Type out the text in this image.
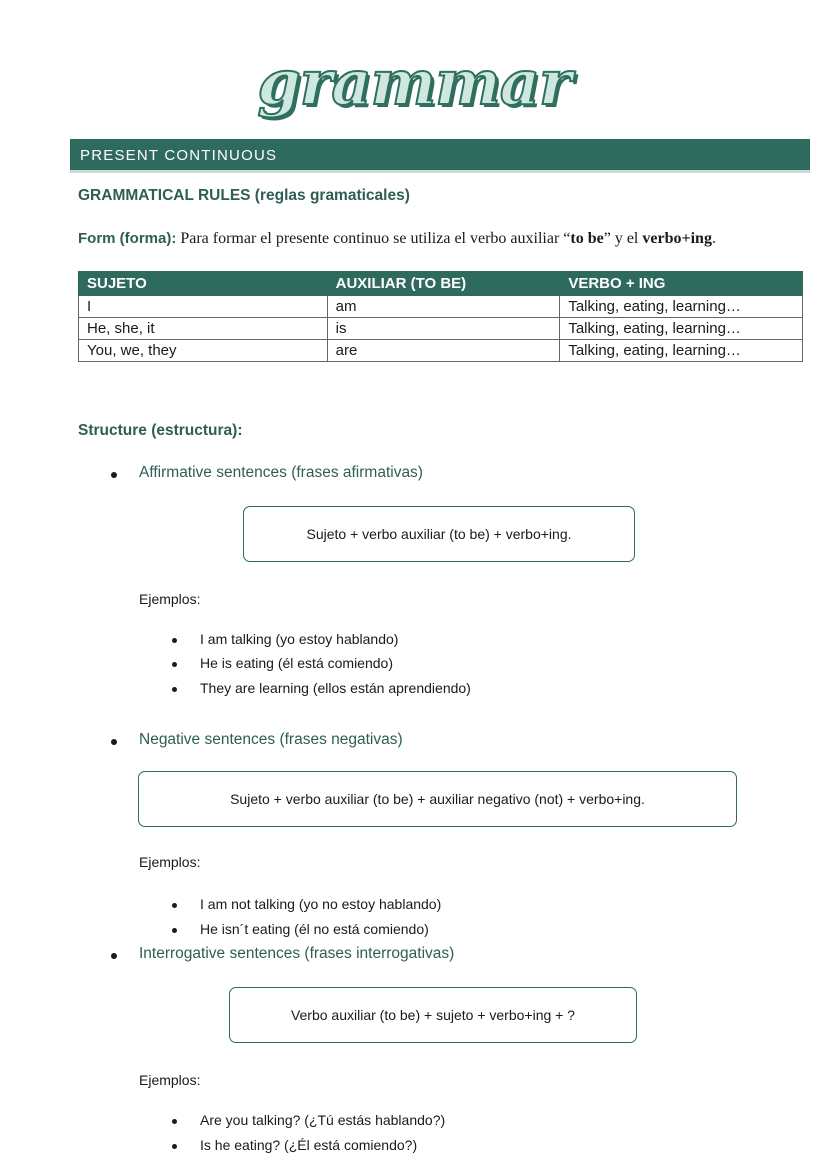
grammar
PRESENT CONTINUOUS
GRAMMATICAL RULES (reglas gramaticales)
Form (forma): Para formar el presente continuo se utiliza el verbo auxiliar “to be” y el verbo+ing.
SUJETO	AUXILIAR (TO BE)	VERBO + ING
I	am	Talking, eating, learning…
He, she, it	is	Talking, eating, learning…
You, we, they	are	Talking, eating, learning…
Structure (estructura):
Affirmative sentences (frases afirmativas)
Sujeto + verbo auxiliar (to be) + verbo+ing.
Ejemplos:
I am talking (yo estoy hablando)
He is eating (él está comiendo)
They are learning (ellos están aprendiendo)
Negative sentences (frases negativas)
Sujeto + verbo auxiliar (to be) + auxiliar negativo (not) + verbo+ing.
Ejemplos:
I am not talking (yo no estoy hablando)
He isn´t eating (él no está comiendo)
Interrogative sentences (frases interrogativas)
Verbo auxiliar (to be) + sujeto + verbo+ing + ?
Ejemplos:
Are you talking? (¿Tú estás hablando?)
Is he eating? (¿Él está comiendo?)
